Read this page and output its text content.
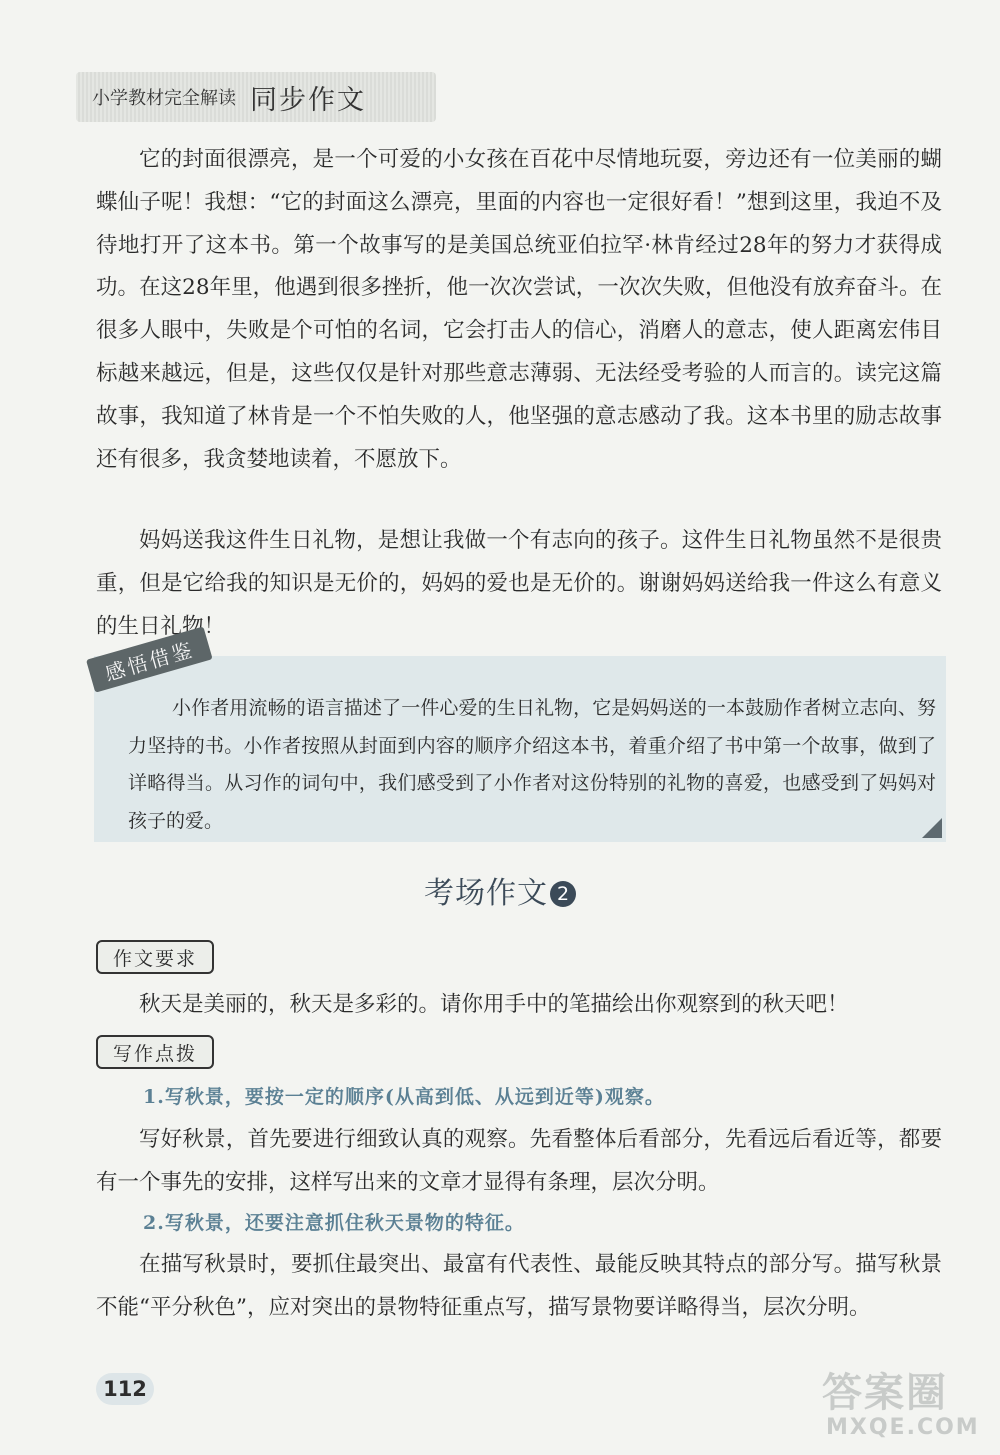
小学教材完全解读 同步作文

它的封面很漂亮，是一个可爱的小女孩在百花中尽情地玩耍，旁边还有一位美丽的蝴蝶仙子呢！我想：“它的封面这么漂亮，里面的内容也一定很好看！”想到这里，我迫不及待地打开了这本书。第一个故事写的是美国总统亚伯拉罕·林肯经过28年的努力才获得成功。在这28年里，他遇到很多挫折，他一次次尝试，一次次失败，但他没有放弃奋斗。在很多人眼中，失败是个可怕的名词，它会打击人的信心，消磨人的意志，使人距离宏伟目标越来越远，但是，这些仅仅是针对那些意志薄弱、无法经受考验的人而言的。读完这篇故事，我知道了林肯是一个不怕失败的人，他坚强的意志感动了我。这本书里的励志故事还有很多，我贪婪地读着，不愿放下。

妈妈送我这件生日礼物，是想让我做一个有志向的孩子。这件生日礼物虽然不是很贵重，但是它给我的知识是无价的，妈妈的爱也是无价的。谢谢妈妈送给我一件这么有意义的生日礼物！

感悟借鉴

小作者用流畅的语言描述了一件心爱的生日礼物，它是妈妈送的一本鼓励作者树立志向、努力坚持的书。小作者按照从封面到内容的顺序介绍这本书，着重介绍了书中第一个故事，做到了详略得当。从习作的词句中，我们感受到了小作者对这份特别的礼物的喜爱，也感受到了妈妈对孩子的爱。

考场作文 2
作文要求

秋天是美丽的，秋天是多彩的。请你用手中的笔描绘出你观察到的秋天吧！

写作点拨
1.写秋景，要按一定的顺序(从高到低、从远到近等)观察。

写好秋景，首先要进行细致认真的观察。先看整体后看部分，先看远后看近等，都要有一个事先的安排，这样写出来的文章才显得有条理，层次分明。

2.写秋景，还要注意抓住秋天景物的特征。

在描写秋景时，要抓住最突出、最富有代表性、最能反映其特点的部分写。描写秋景不能“平分秋色”，应对突出的景物特征重点写，描写景物要详略得当，层次分明。

112	答案圈
MXQE.COM
